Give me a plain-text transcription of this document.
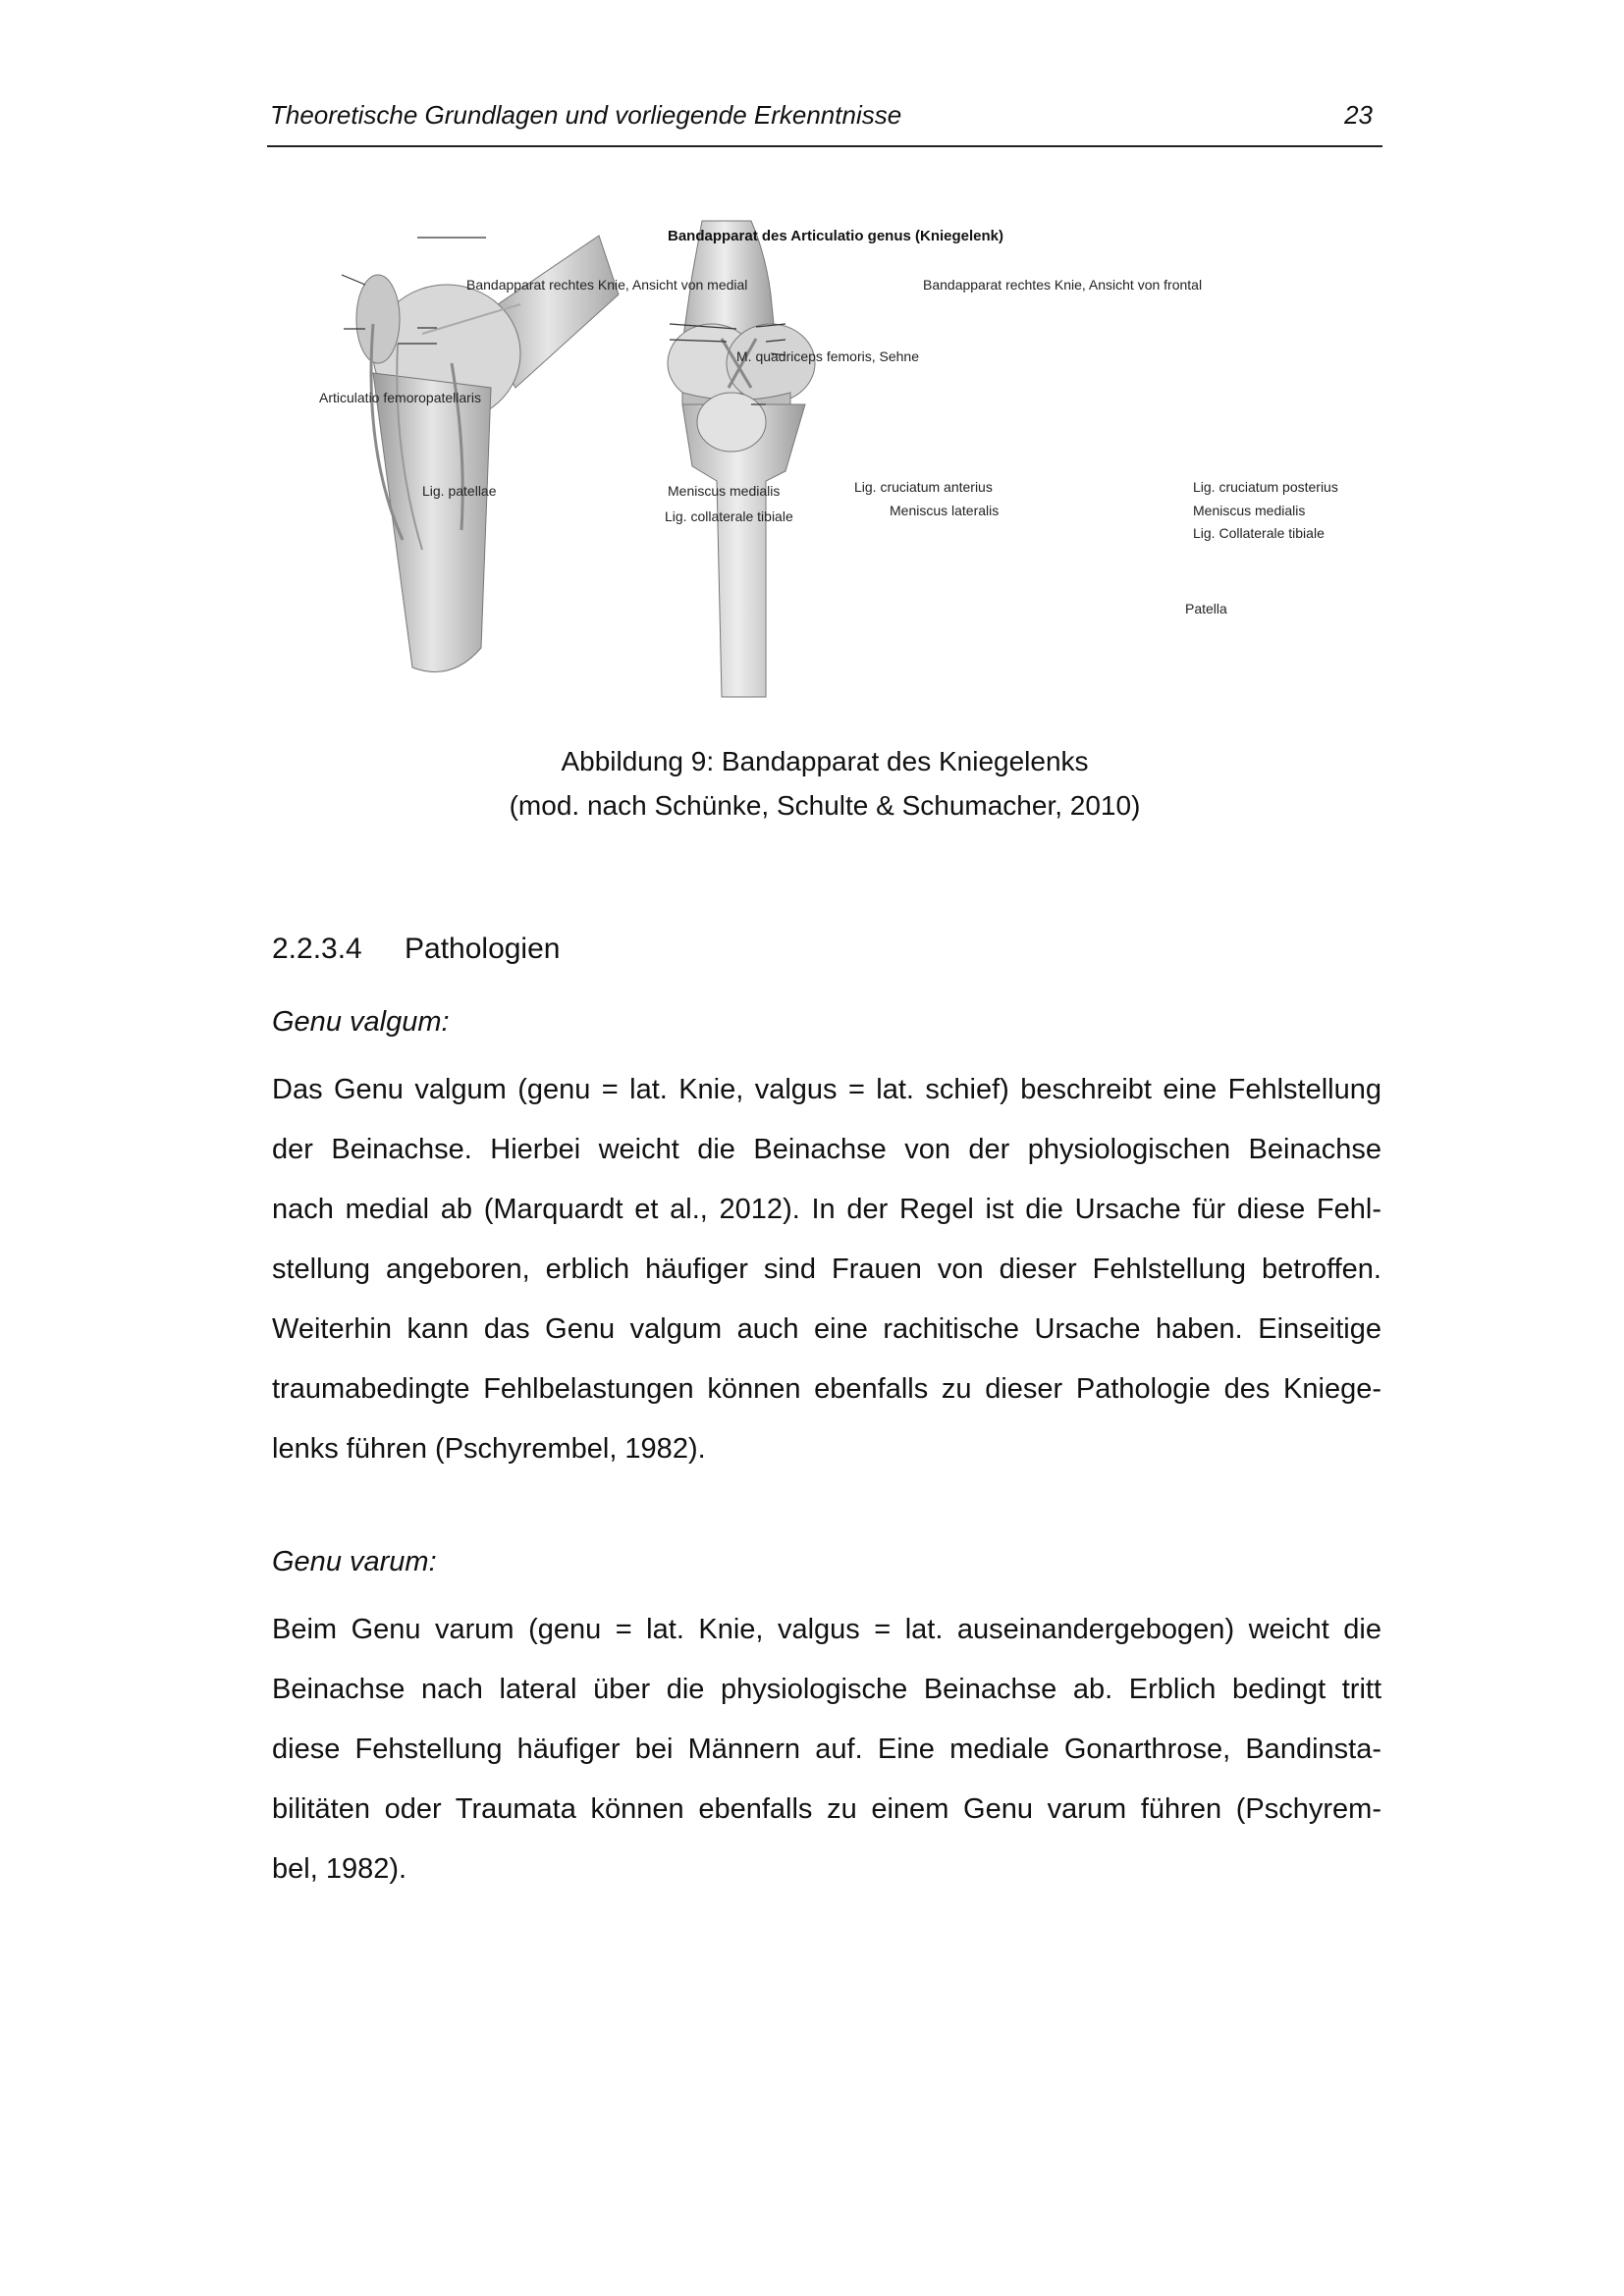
Theoretische Grundlagen und vorliegende Erkenntnisse	23
Bandapparat des Articulatio genus (Kniegelenk)
Bandapparat rechtes Knie, Ansicht von medial	Bandapparat rechtes Knie, Ansicht von frontal
M. quadriceps femoris, Sehne
Articulatio femoropatellaris
Lig. patellae	Meniscus medialis
Lig. collaterale tibiale
Lig. cruciatum anterius
Meniscus lateralis
Lig. cruciatum posterius
Meniscus medialis
Lig. Collaterale tibiale
Patella
Abbildung 9: Bandapparat des Kniegelenks
(mod. nach Schünke, Schulte & Schumacher, 2010)
2.2.3.4 Pathologien
Genu valgum:
Das Genu valgum (genu = lat. Knie, valgus = lat. schief) beschreibt eine Fehlstellung
der Beinachse. Hierbei weicht die Beinachse von der physiologischen Beinachse
nach medial ab (Marquardt et al., 2012). In der Regel ist die Ursache für diese Fehl-
stellung angeboren, erblich häufiger sind Frauen von dieser Fehlstellung betroffen.
Weiterhin kann das Genu valgum auch eine rachitische Ursache haben. Einseitige
traumabedingte Fehlbelastungen können ebenfalls zu dieser Pathologie des Kniege-
lenks führen (Pschyrembel, 1982).
Genu varum:
Beim Genu varum (genu = lat. Knie, valgus = lat. auseinandergebogen) weicht die
Beinachse nach lateral über die physiologische Beinachse ab. Erblich bedingt tritt
diese Fehstellung häufiger bei Männern auf. Eine mediale Gonarthrose, Bandinsta-
bilitäten oder Traumata können ebenfalls zu einem Genu varum führen (Pschyrem-
bel, 1982).
